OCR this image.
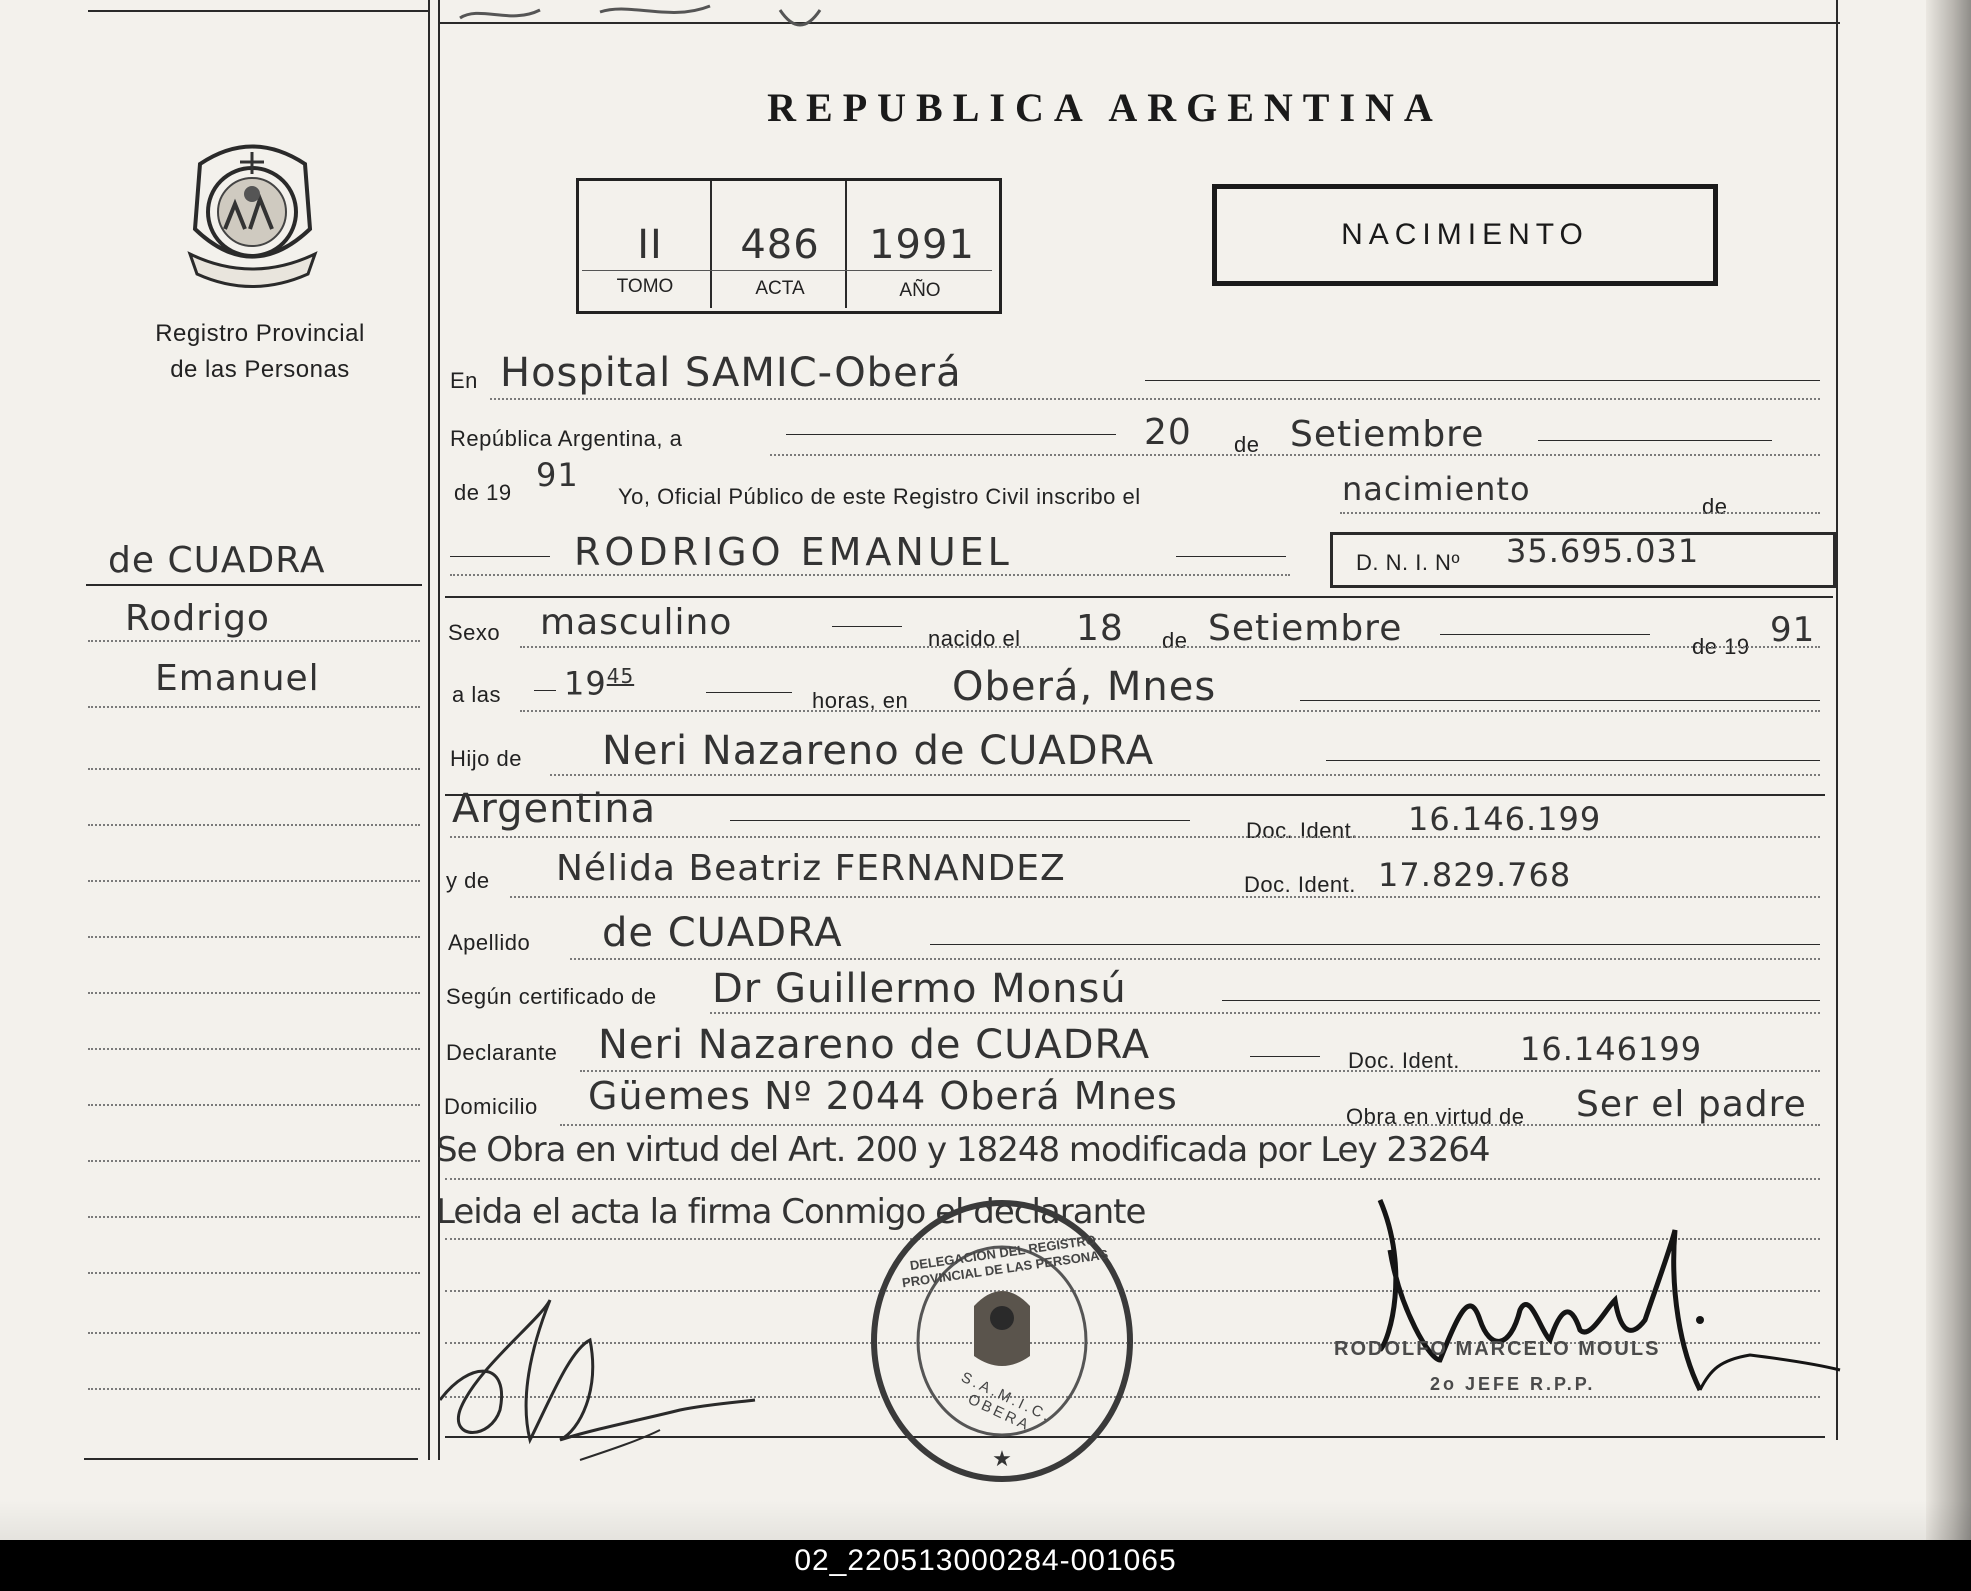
REPUBLICA ARGENTINA
Registro Provincial
de las Personas
II	486	1991
TOMO	ACTA	AÑO
NACIMIENTO
de CUADRA
Rodrigo
Emanuel
En Hospital SAMIC-Oberá
República Argentina, a	20 de Setiembre
de 19 91
Yo, Oficial Público de este Registro Civil inscribo el	nacimiento	de
RODRIGO EMANUEL	D. N. I. Nº 35.695.031
Sexo masculino	nacido el 18 de Setiembre	de 19 91
a las $19^{45}$
horas, en Oberá, Mnes
Hijo de Neri Nazareno de CUADRA
Argentina	Doc. Ident. 16.146.199
y de Nélida Beatriz FERNANDEZ	Doc. Ident. 17.829.768
Apellido de CUADRA
Según certificado de Dr Guillermo Monsú
Declarante Neri Nazareno de CUADRA	Doc. Ident. 16.146199
Domicilio Güemes Nº 2044 Oberá Mnes	Obra en virtud de Ser el padre
Se Obra en virtud del Art. 200 y 18248 modificada por Ley 23264
Leida el acta la firma Conmigo el declarante
★
DELEGACION DEL REGISTRO PROVINCIAL DE LAS PERSONAS
S.A.M.I.C. OBERA
RODOLFO MARCELO MOULS
2o JEFE R.P.P.
02_220513000284-001065
